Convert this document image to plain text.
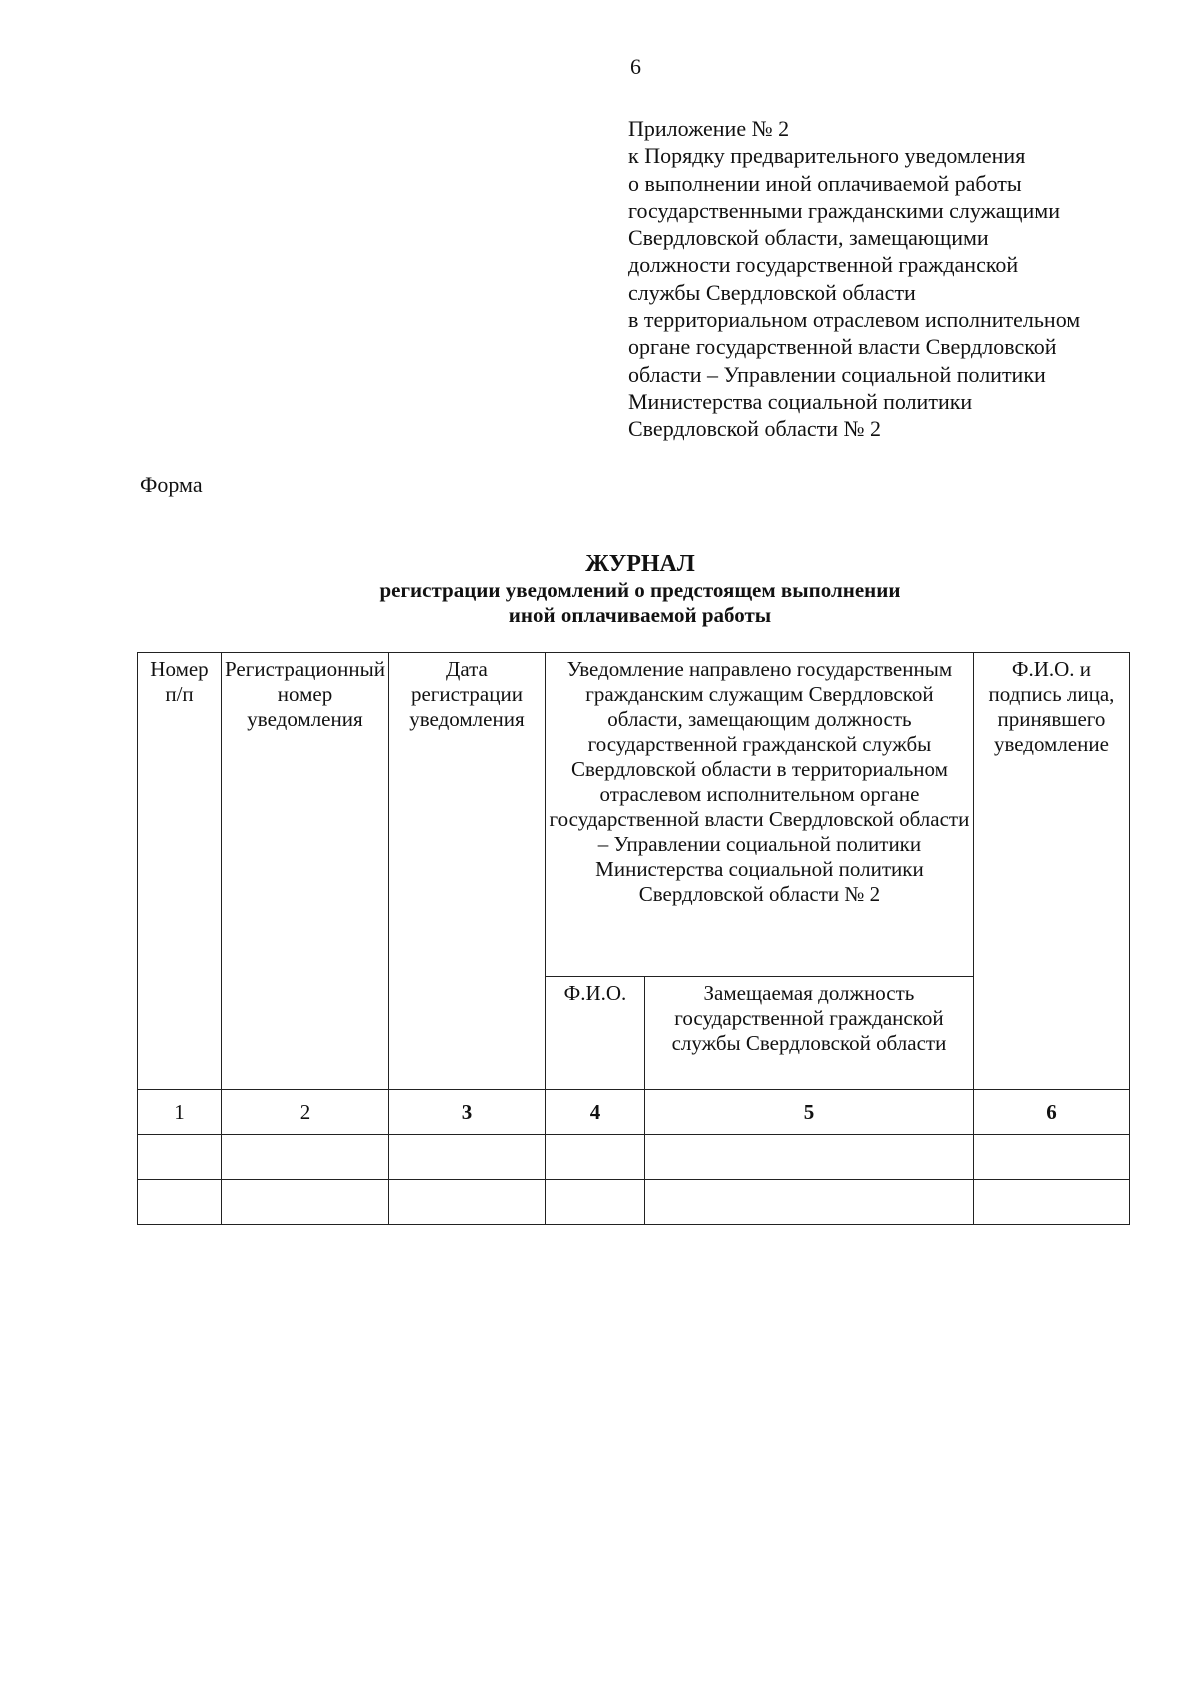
6
Приложение № 2
к Порядку предварительного уведомления
о выполнении иной оплачиваемой работы
государственными гражданскими служащими
Свердловской области, замещающими
должности государственной гражданской
службы Свердловской области
в территориальном отраслевом исполнительном
органе государственной власти Свердловской
области – Управлении социальной политики
Министерства социальной политики
Свердловской области № 2
Форма
ЖУРНАЛ
регистрации уведомлений о предстоящем выполнении
иной оплачиваемой работы
Номер п/п	Регистрационный номер уведомления	Дата регистрации уведомления	Уведомление направлено государственным гражданским служащим Свердловской области, замещающим должность государственной гражданской службы Свердловской области в территориальном отраслевом исполнительном органе государственной власти Свердловской области – Управлении социальной политики Министерства социальной политики Свердловской области № 2		Ф.И.О. и подпись лица, принявшего уведомление
			Ф.И.О.	Замещаемая должность государственной гражданской службы Свердловской области	
1	2	3	4	5	6
